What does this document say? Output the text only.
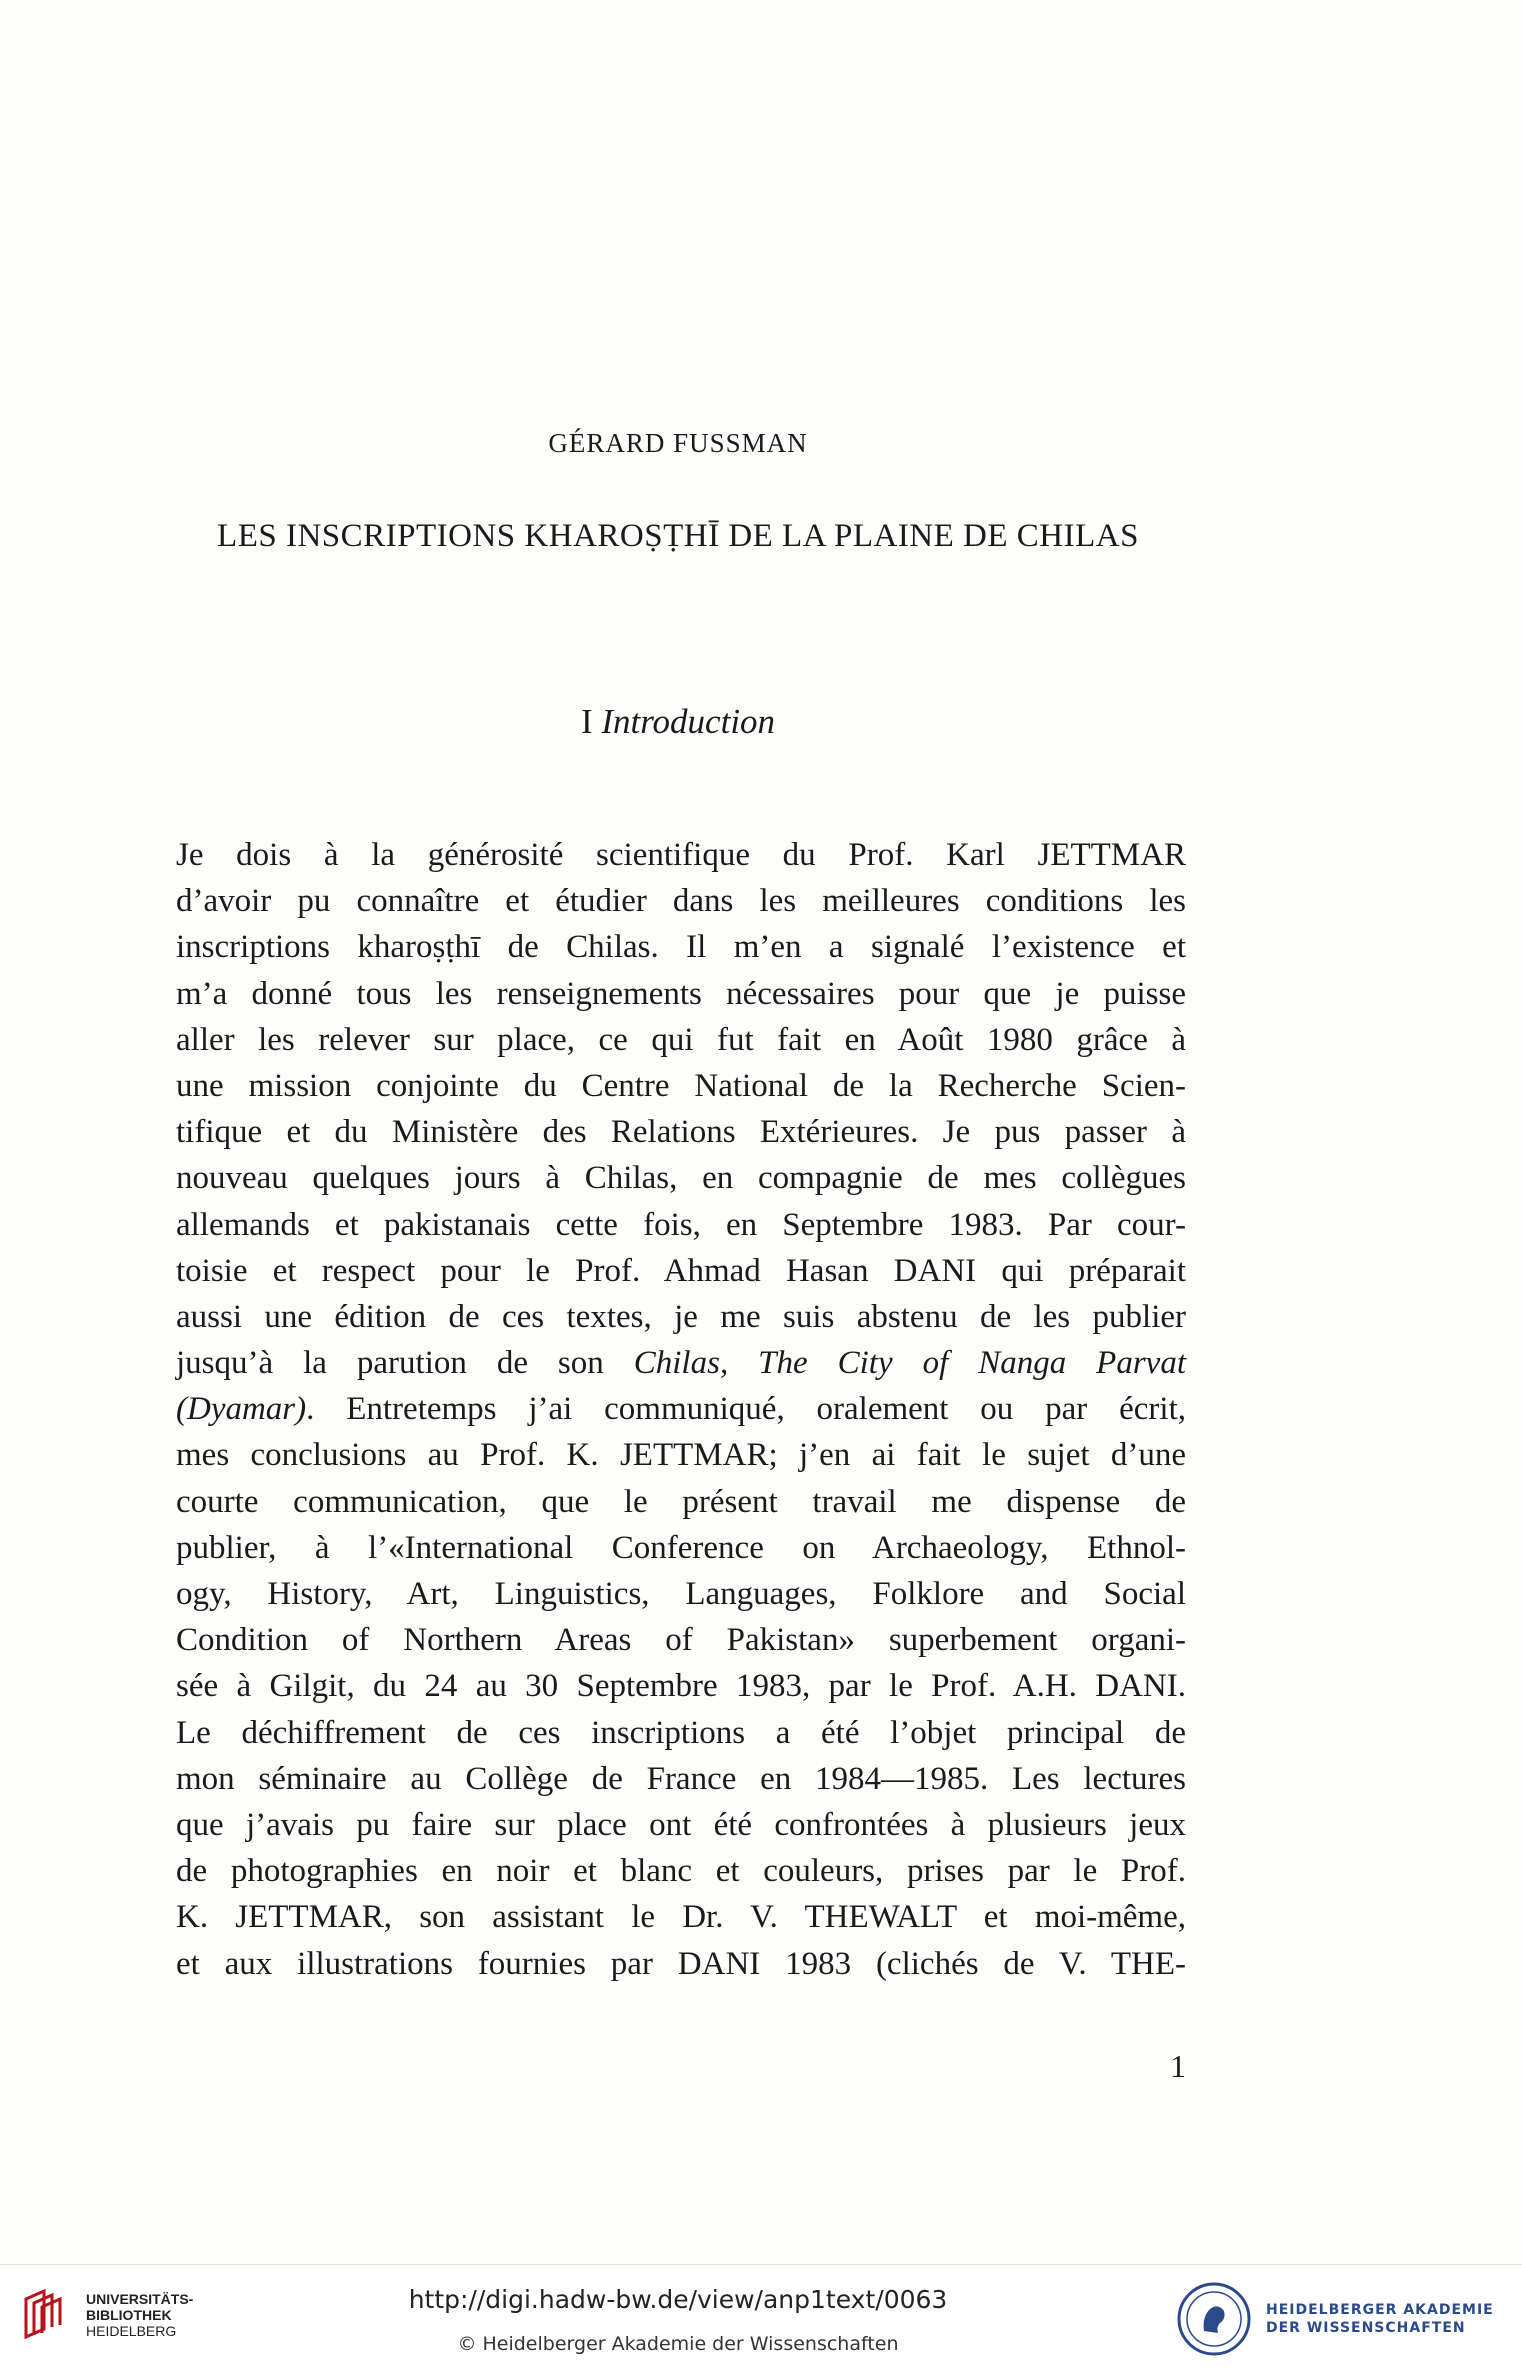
GÉRARD FUSSMAN
LES INSCRIPTIONS KHAROṢṬHĪ DE LA PLAINE DE CHILAS
I Introduction
Je dois à la générosité scientifique du Prof. Karl JETTMAR
d’avoir pu connaître et étudier dans les meilleures conditions les
inscriptions kharoṣṭhī de Chilas. Il m’en a signalé l’existence et
m’a donné tous les renseignements nécessaires pour que je puisse
aller les relever sur place, ce qui fut fait en Août 1980 grâce à
une mission conjointe du Centre National de la Recherche Scien-
tifique et du Ministère des Relations Extérieures. Je pus passer à
nouveau quelques jours à Chilas, en compagnie de mes collègues
allemands et pakistanais cette fois, en Septembre 1983. Par cour-
toisie et respect pour le Prof. Ahmad Hasan DANI qui préparait
aussi une édition de ces textes, je me suis abstenu de les publier
jusqu’à la parution de son Chilas, The City of Nanga Parvat
(Dyamar). Entretemps j’ai communiqué, oralement ou par écrit,
mes conclusions au Prof. K. JETTMAR; j’en ai fait le sujet d’une
courte communication, que le présent travail me dispense de
publier, à l’«International Conference on Archaeology, Ethnol-
ogy, History, Art, Linguistics, Languages, Folklore and Social
Condition of Northern Areas of Pakistan» superbement organi-
sée à Gilgit, du 24 au 30 Septembre 1983, par le Prof. A.H. DANI.
Le déchiffrement de ces inscriptions a été l’objet principal de
mon séminaire au Collège de France en 1984—1985. Les lectures
que j’avais pu faire sur place ont été confrontées à plusieurs jeux
de photographies en noir et blanc et couleurs, prises par le Prof.
K. JETTMAR, son assistant le Dr. V. THEWALT et moi-même,
et aux illustrations fournies par DANI 1983 (clichés de V. THE-
1
UNIVERSITÄTS-
BIBLIOTHEK
HEIDELBERG
http://digi.hadw-bw.de/view/anp1text/0063
© Heidelberger Akademie der Wissenschaften
HEIDELBERGER AKADEMIE
DER WISSENSCHAFTEN
